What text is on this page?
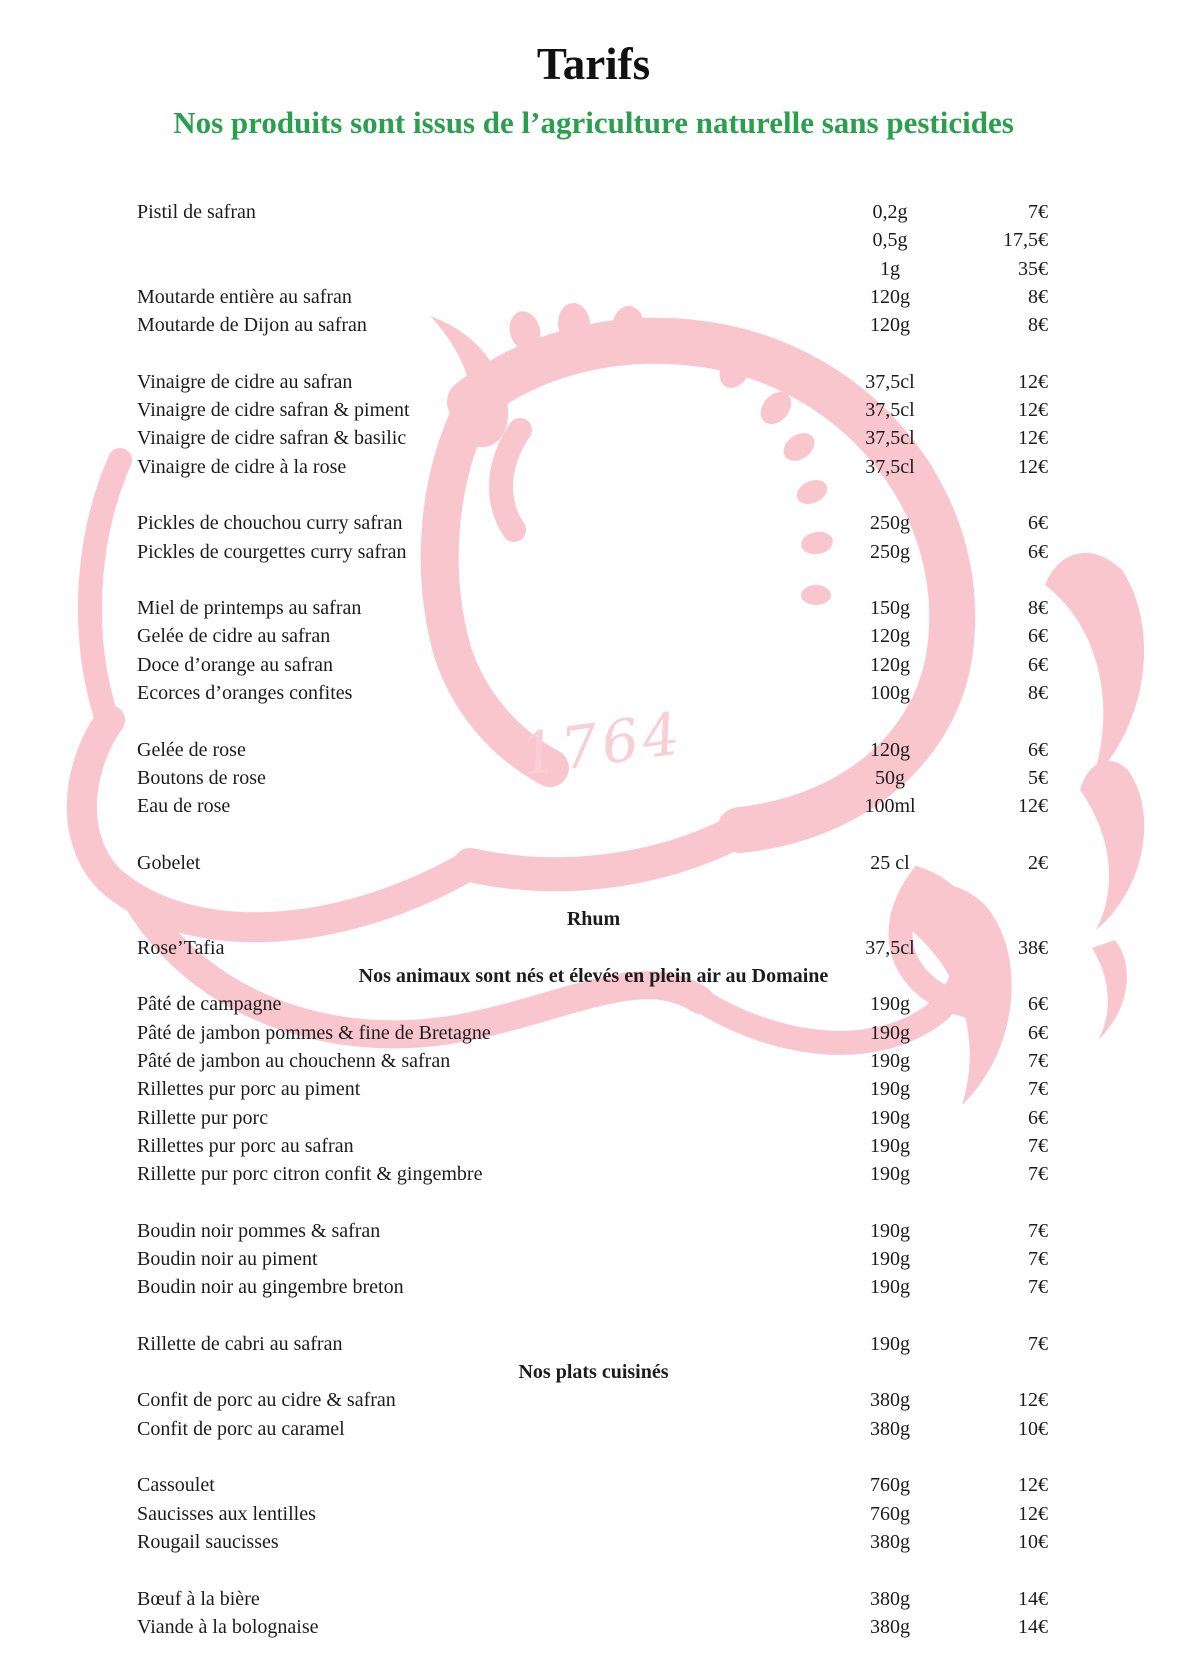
1764
Tarifs
Nos produits sont issus de l’agriculture naturelle sans pesticides
Pistil de safran	0,2g	7€
0,5g	17,5€
1g	35€
Moutarde entière au safran	120g	8€
Moutarde de Dijon au safran	120g	8€
Vinaigre de cidre au safran	37,5cl	12€
Vinaigre de cidre safran & piment	37,5cl	12€
Vinaigre de cidre safran & basilic	37,5cl	12€
Vinaigre de cidre à la rose	37,5cl	12€
Pickles de chouchou curry safran	250g	6€
Pickles de courgettes curry safran	250g	6€
Miel de printemps au safran	150g	8€
Gelée de cidre au safran	120g	6€
Doce d’orange au safran	120g	6€
Ecorces d’oranges confites	100g	8€
Gelée de rose	120g	6€
Boutons de rose	50g	5€
Eau de rose	100ml	12€
Gobelet	25 cl	2€
Rhum
Rose’Tafia	37,5cl	38€
Nos animaux sont nés et élevés en plein air au Domaine
Pâté de campagne	190g	6€
Pâté de jambon pommes & fine de Bretagne	190g	6€
Pâté de jambon au chouchenn & safran	190g	7€
Rillettes pur porc au piment	190g	7€
Rillette pur porc	190g	6€
Rillettes pur porc au safran	190g	7€
Rillette pur porc citron confit & gingembre	190g	7€
Boudin noir pommes & safran	190g	7€
Boudin noir au piment	190g	7€
Boudin noir au gingembre breton	190g	7€
Rillette de cabri au safran	190g	7€
Nos plats cuisinés
Confit de porc au cidre & safran	380g	12€
Confit de porc au caramel	380g	10€
Cassoulet	760g	12€
Saucisses aux lentilles	760g	12€
Rougail saucisses	380g	10€
Bœuf à la bière	380g	14€
Viande à la bolognaise	380g	14€
